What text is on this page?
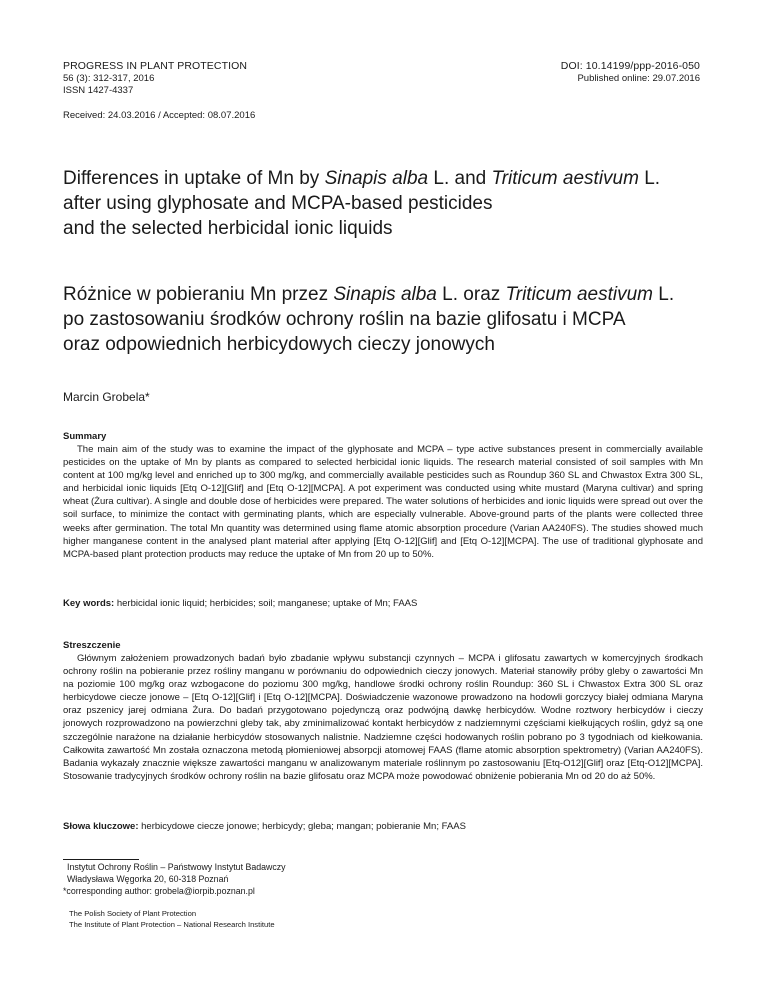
PROGRESS IN PLANT PROTECTION
56 (3): 312-317, 2016
ISSN 1427-4337
DOI: 10.14199/ppp-2016-050
Published online: 29.07.2016
Received: 24.03.2016 / Accepted: 08.07.2016
Differences in uptake of Mn by Sinapis alba L. and Triticum aestivum L.
after using glyphosate and MCPA-based pesticides
and the selected herbicidal ionic liquids
Różnice w pobieraniu Mn przez Sinapis alba L. oraz Triticum aestivum L.
po zastosowaniu środków ochrony roślin na bazie glifosatu i MCPA
oraz odpowiednich herbicydowych cieczy jonowych
Marcin Grobela*
Summary
The main aim of the study was to examine the impact of the glyphosate and MCPA – type active substances present in commercially available pesticides on the uptake of Mn by plants as compared to selected herbicidal ionic liquids. The research material consisted of soil samples with Mn content at 100 mg/kg level and enriched up to 300 mg/kg, and commercially available pesticides such as Roundup 360 SL and Chwastox Extra 300 SL, and herbicidal ionic liquids [Etq O-12][Glif] and [Etq O-12][MCPA]. A pot experiment was conducted using white mustard (Maryna cultivar) and spring wheat (Żura cultivar). A single and double dose of herbicides were prepared. The water solutions of herbicides and ionic liquids were spread out over the soil surface, to minimize the contact with germinating plants, which are especially vulnerable. Above-ground parts of the plants were collected three weeks after germination. The total Mn quantity was determined using flame atomic absorption procedure (Varian AA240FS). The studies showed much higher manganese content in the analysed plant material after applying [Etq O-12][Glif] and [Etq O-12][MCPA]. The use of traditional glyphosate and MCPA-based plant protection products may reduce the uptake of Mn from 20 up to 50%.
Key words: herbicidal ionic liquid; herbicides; soil; manganese; uptake of Mn; FAAS
Streszczenie
Głównym założeniem prowadzonych badań było zbadanie wpływu substancji czynnych – MCPA i glifosatu zawartych w komercyjnych środkach ochrony roślin na pobieranie przez rośliny manganu w porównaniu do odpowiednich cieczy jonowych. Materiał stanowiły próby gleby o zawartości Mn na poziomie 100 mg/kg oraz wzbogacone do poziomu 300 mg/kg, handlowe środki ochrony roślin Roundup: 360 SL i Chwastox Extra 300 SL oraz herbicydowe ciecze jonowe – [Etq O-12][Glif] i [Etq O-12][MCPA]. Doświadczenie wazonowe prowadzono na hodowli gorczycy białej odmiana Maryna oraz pszenicy jarej odmiana Żura. Do badań przygotowano pojedynczą oraz podwójną dawkę herbicydów. Wodne roztwory herbicydów i cieczy jonowych rozprowadzono na powierzchni gleby tak, aby zminimalizować kontakt herbicydów z nadziemnymi częściami kiełkujących roślin, gdyż są one szczególnie narażone na działanie herbicydów stosowanych nalistnie. Nadziemne części hodowanych roślin pobrano po 3 tygodniach od kiełkowania. Całkowita zawartość Mn została oznaczona metodą płomieniowej absorpcji atomowej FAAS (flame atomic absorption spektrometry) (Varian AA240FS). Badania wykazały znacznie większe zawartości manganu w analizowanym materiale roślinnym po zastosowaniu [Etq-O12][Glif] oraz [Etq-O12][MCPA]. Stosowanie tradycyjnych środków ochrony roślin na bazie glifosatu oraz MCPA może powodować obniżenie pobierania Mn od 20 do aż 50%.
Słowa kluczowe: herbicydowe ciecze jonowe; herbicydy; gleba; mangan; pobieranie Mn; FAAS
Instytut Ochrony Roślin – Państwowy Instytut Badawczy
Władysława Węgorka 20, 60-318 Poznań
*corresponding author: grobela@iorpib.poznan.pl
The Polish Society of Plant Protection
The Institute of Plant Protection – National Research Institute
